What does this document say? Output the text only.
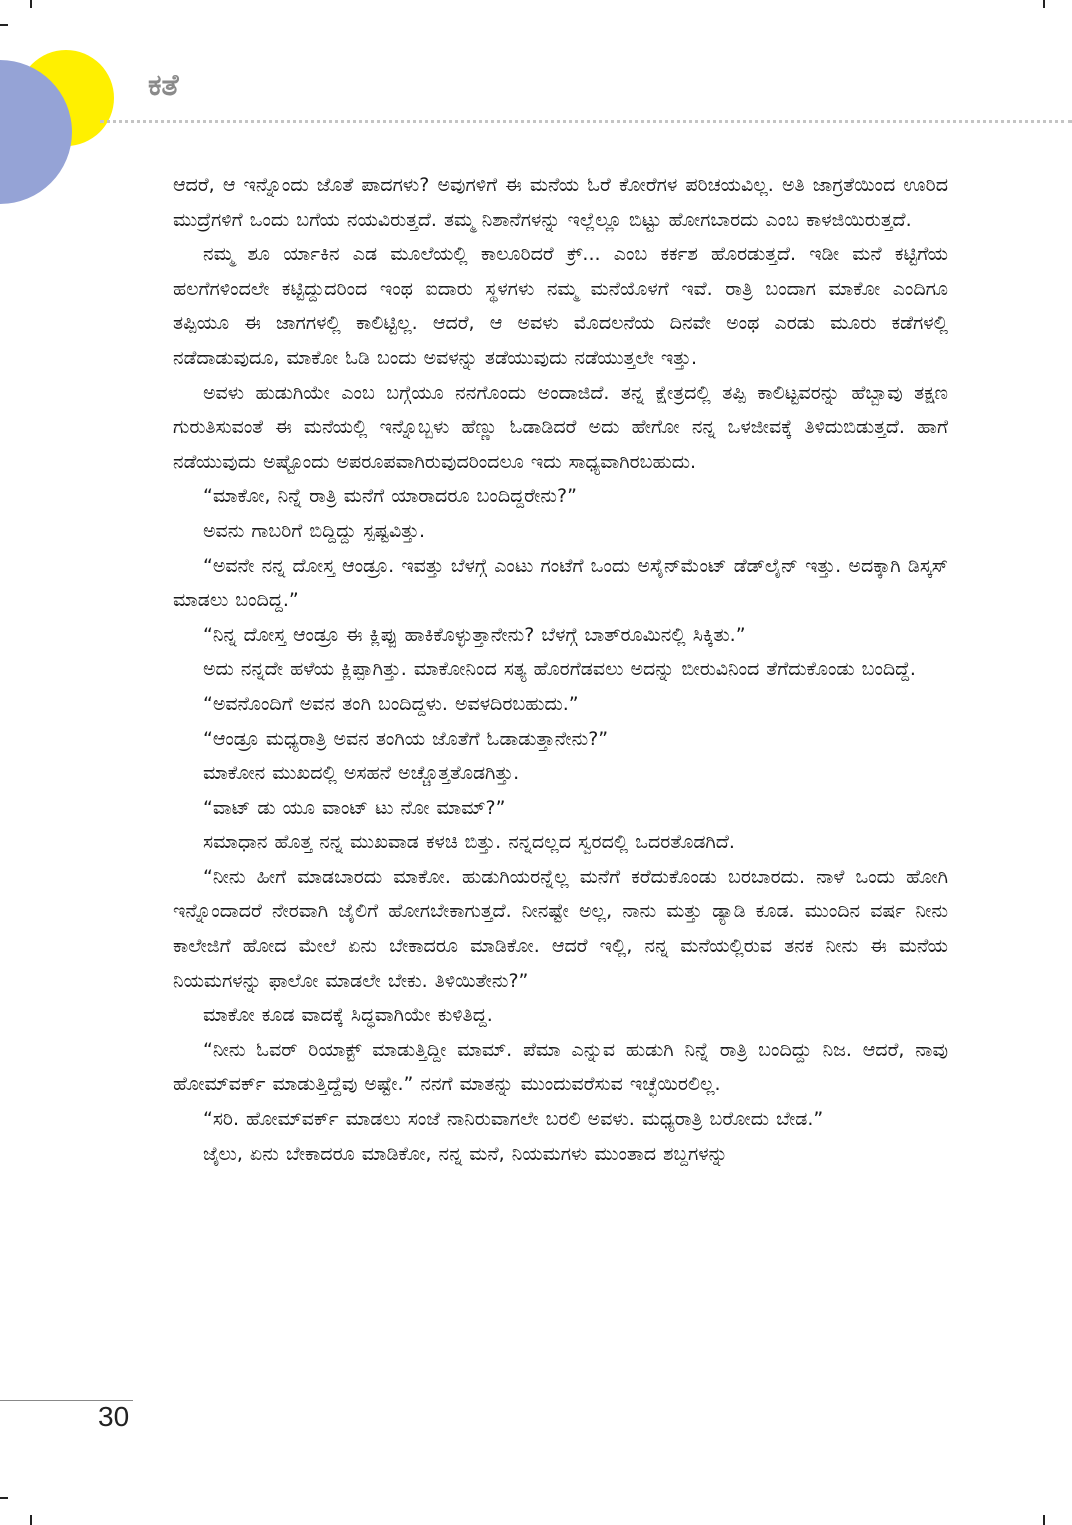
ಕತೆ

ಆದರೆ, ಆ ಇನ್ನೊಂದು ಜೊತೆ ಪಾದಗಳು? ಅವುಗಳಿಗೆ ಈ ಮನೆಯ ಓರೆ ಕೋರೆಗಳ ಪರಿಚಯವಿಲ್ಲ. ಅತಿ ಜಾಗ್ರತೆಯಿಂದ ಊರಿದ ಮುದ್ರೆಗಳಿಗೆ ಒಂದು ಬಗೆಯ ನಯವಿರುತ್ತದೆ. ತಮ್ಮ ನಿಶಾನೆಗಳನ್ನು ಇಲ್ಲೆಲ್ಲೂ ಬಿಟ್ಟು ಹೋಗಬಾರದು ಎಂಬ ಕಾಳಜಿಯಿರುತ್ತದೆ.

ನಮ್ಮ ಶೂ ರ್ಯಾಕಿನ ಎಡ ಮೂಲೆಯಲ್ಲಿ ಕಾಲೂರಿದರೆ ಕ್ರ್‌... ಎಂಬ ಕರ್ಕಶ ಹೊರಡುತ್ತದೆ. ಇಡೀ ಮನೆ ಕಟ್ಟಿಗೆಯ ಹಲಗೆಗಳಿಂದಲೇ ಕಟ್ಟಿದ್ದುದರಿಂದ ಇಂಥ ಐದಾರು ಸ್ಥಳಗಳು ನಮ್ಮ ಮನೆಯೊಳಗೆ ಇವೆ. ರಾತ್ರಿ ಬಂದಾಗ ಮಾಕೋ ಎಂದಿಗೂ ತಪ್ಪಿಯೂ ಈ ಜಾಗಗಳಲ್ಲಿ ಕಾಲಿಟ್ಟಿಲ್ಲ. ಆದರೆ, ಆ ಅವಳು ಮೊದಲನೆಯ ದಿನವೇ ಅಂಥ ಎರಡು ಮೂರು ಕಡೆಗಳಲ್ಲಿ ನಡೆದಾಡುವುದೂ, ಮಾಕೋ ಓಡಿ ಬಂದು ಅವಳನ್ನು ತಡೆಯುವುದು ನಡೆಯುತ್ತಲೇ ಇತ್ತು.

ಅವಳು ಹುಡುಗಿಯೇ ಎಂಬ ಬಗ್ಗೆಯೂ ನನಗೊಂದು ಅಂದಾಜಿದೆ. ತನ್ನ ಕ್ಷೇತ್ರದಲ್ಲಿ ತಪ್ಪಿ ಕಾಲಿಟ್ಟವರನ್ನು ಹೆಬ್ಬಾವು ತಕ್ಷಣ ಗುರುತಿಸುವಂತೆ ಈ ಮನೆಯಲ್ಲಿ ಇನ್ನೊಬ್ಬಳು ಹೆಣ್ಣು ಓಡಾಡಿದರೆ ಅದು ಹೇಗೋ ನನ್ನ ಒಳಜೀವಕ್ಕೆ ತಿಳಿದುಬಿಡುತ್ತದೆ. ಹಾಗೆ ನಡೆಯುವುದು ಅಷ್ಟೊಂದು ಅಪರೂಪವಾಗಿರುವುದರಿಂದಲೂ ಇದು ಸಾಧ್ಯವಾಗಿರಬಹುದು.

“ಮಾಕೋ, ನಿನ್ನೆ ರಾತ್ರಿ ಮನೆಗೆ ಯಾರಾದರೂ ಬಂದಿದ್ದರೇನು?”

ಅವನು ಗಾಬರಿಗೆ ಬಿದ್ದಿದ್ದು ಸ್ಪಷ್ಟವಿತ್ತು.

“ಅವನೇ ನನ್ನ ದೋಸ್ತ ಆಂಡ್ರೂ. ಇವತ್ತು ಬೆಳಗ್ಗೆ ಎಂಟು ಗಂಟೆಗೆ ಒಂದು ಅಸೈನ್‌ಮೆಂಟ್ ಡೆಡ್‌ಲೈನ್ ಇತ್ತು. ಅದಕ್ಕಾಗಿ ಡಿಸ್ಕಸ್ ಮಾಡಲು ಬಂದಿದ್ದ.”

“ನಿನ್ನ ದೋಸ್ತ ಆಂಡ್ರೂ ಈ ಕ್ಲಿಪ್ಪು ಹಾಕಿಕೊಳ್ಳುತ್ತಾನೇನು? ಬೆಳಗ್ಗೆ ಬಾತ್‌ರೂಮಿನಲ್ಲಿ ಸಿಕ್ಕಿತು.”

ಅದು ನನ್ನದೇ ಹಳೆಯ ಕ್ಲಿಪ್ಪಾಗಿತ್ತು. ಮಾಕೋನಿಂದ ಸತ್ಯ ಹೊರಗೆಡವಲು ಅದನ್ನು ಬೀರುವಿನಿಂದ ತೆಗೆದುಕೊಂಡು ಬಂದಿದ್ದೆ.

“ಅವನೊಂದಿಗೆ ಅವನ ತಂಗಿ ಬಂದಿದ್ದಳು. ಅವಳದಿರಬಹುದು.”

“ಆಂಡ್ರೂ ಮಧ್ಯರಾತ್ರಿ ಅವನ ತಂಗಿಯ ಜೊತೆಗೆ ಓಡಾಡುತ್ತಾನೇನು?”

ಮಾಕೋನ ಮುಖದಲ್ಲಿ ಅಸಹನೆ ಅಚ್ಚೊತ್ತತೊಡಗಿತ್ತು.

“ವಾಟ್ ಡು ಯೂ ವಾಂಟ್ ಟು ನೋ ಮಾಮ್?”

ಸಮಾಧಾನ ಹೊತ್ತ ನನ್ನ ಮುಖವಾಡ ಕಳಚಿ ಬಿತ್ತು. ನನ್ನದಲ್ಲದ ಸ್ವರದಲ್ಲಿ ಒದರತೊಡಗಿದೆ.

“ನೀನು ಹೀಗೆ ಮಾಡಬಾರದು ಮಾಕೋ. ಹುಡುಗಿಯರನ್ನೆಲ್ಲ ಮನೆಗೆ ಕರೆದುಕೊಂಡು ಬರಬಾರದು. ನಾಳೆ ಒಂದು ಹೋಗಿ ಇನ್ನೊಂದಾದರೆ ನೇರವಾಗಿ ಜೈಲಿಗೆ ಹೋಗಬೇಕಾಗುತ್ತದೆ. ನೀನಷ್ಟೇ ಅಲ್ಲ, ನಾನು ಮತ್ತು ಡ್ಯಾಡಿ ಕೂಡ. ಮುಂದಿನ ವರ್ಷ ನೀನು ಕಾಲೇಜಿಗೆ ಹೋದ ಮೇಲೆ ಏನು ಬೇಕಾದರೂ ಮಾಡಿಕೋ. ಆದರೆ ಇಲ್ಲಿ, ನನ್ನ ಮನೆಯಲ್ಲಿರುವ ತನಕ ನೀನು ಈ ಮನೆಯ ನಿಯಮಗಳನ್ನು ಫಾಲೋ ಮಾಡಲೇ ಬೇಕು. ತಿಳಿಯಿತೇನು?”

ಮಾಕೋ ಕೂಡ ವಾದಕ್ಕೆ ಸಿದ್ಧವಾಗಿಯೇ ಕುಳಿತಿದ್ದ.

“ನೀನು ಓವರ್ ರಿಯಾಕ್ಟ್ ಮಾಡುತ್ತಿದ್ದೀ ಮಾಮ್. ಪೆಮಾ ಎನ್ನುವ ಹುಡುಗಿ ನಿನ್ನೆ ರಾತ್ರಿ ಬಂದಿದ್ದು ನಿಜ. ಆದರೆ, ನಾವು ಹೋಮ್‌ವರ್ಕ್ ಮಾಡುತ್ತಿದ್ದೆವು ಅಷ್ಟೇ.” ನನಗೆ ಮಾತನ್ನು ಮುಂದುವರೆಸುವ ಇಚ್ಛೆಯಿರಲಿಲ್ಲ.

“ಸರಿ. ಹೋಮ್‌ವರ್ಕ್ ಮಾಡಲು ಸಂಜೆ ನಾನಿರುವಾಗಲೇ ಬರಲಿ ಅವಳು. ಮಧ್ಯರಾತ್ರಿ ಬರೋದು ಬೇಡ.”

ಜೈಲು, ಏನು ಬೇಕಾದರೂ ಮಾಡಿಕೋ, ನನ್ನ ಮನೆ, ನಿಯಮಗಳು ಮುಂತಾದ ಶಬ್ದಗಳನ್ನು

30
